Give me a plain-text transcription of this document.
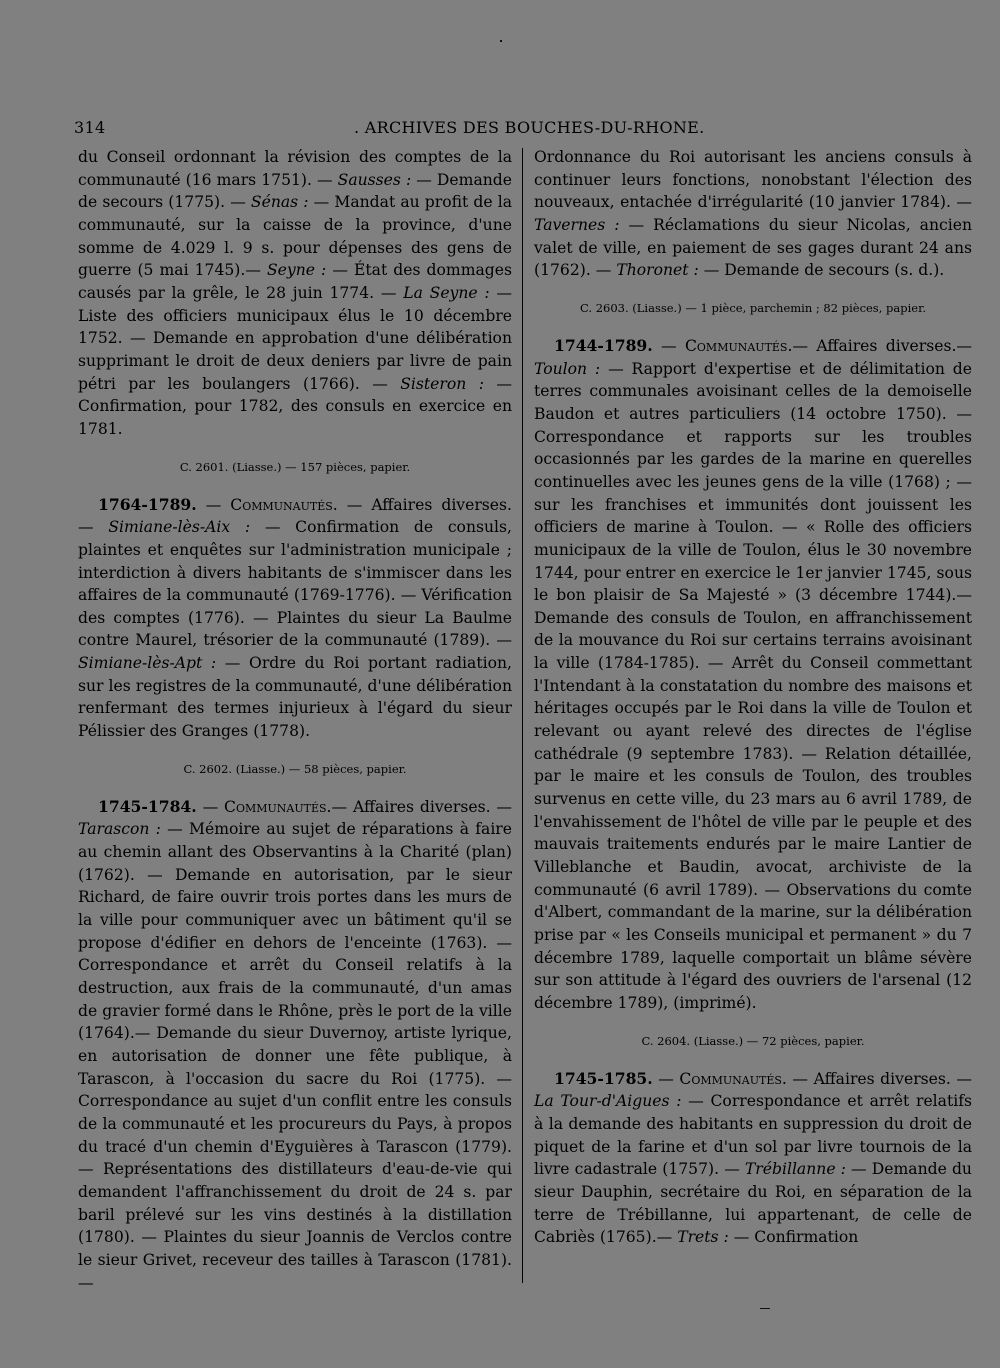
314	. ARCHIVES DES BOUCHES-DU-RHONE.

du Conseil ordonnant la révision des comptes de la communauté (16 mars 1751). — Sausses : — Demande de secours (1775). — Sénas : — Mandat au profit de la communauté, sur la caisse de la province, d'une somme de 4.029 l. 9 s. pour dépenses des gens de guerre (5 mai 1745).— Seyne : — État des dommages causés par la grêle, le 28 juin 1774. — La Seyne : — Liste des officiers municipaux élus le 10 décembre 1752. — Demande en approbation d'une délibération supprimant le droit de deux deniers par livre de pain pétri par les boulangers (1766). — Sisteron : — Confirmation, pour 1782, des consuls en exercice en 1781.

C. 2601. (Liasse.) — 157 pièces, papier.

1764-1789. — Communautés. — Affaires diverses. — Simiane-lès-Aix : — Confirmation de consuls, plaintes et enquêtes sur l'administration municipale ; interdiction à divers habitants de s'immiscer dans les affaires de la communauté (1769-1776). — Vérification des comptes (1776). — Plaintes du sieur La Baulme contre Maurel, trésorier de la communauté (1789). — Simiane-lès-Apt : — Ordre du Roi portant radiation, sur les registres de la communauté, d'une délibération renfermant des termes injurieux à l'égard du sieur Pélissier des Granges (1778).

C. 2602. (Liasse.) — 58 pièces, papier.

1745-1784. — Communautés.— Affaires diverses. — Tarascon : — Mémoire au sujet de réparations à faire au chemin allant des Observantins à la Charité (plan) (1762). — Demande en autorisation, par le sieur Richard, de faire ouvrir trois portes dans les murs de la ville pour communiquer avec un bâtiment qu'il se propose d'édifier en dehors de l'enceinte (1763). — Correspondance et arrêt du Conseil relatifs à la destruction, aux frais de la communauté, d'un amas de gravier formé dans le Rhône, près le port de la ville (1764).— Demande du sieur Duvernoy, artiste lyrique, en autorisation de donner une fête publique, à Tarascon, à l'occasion du sacre du Roi (1775). — Correspondance au sujet d'un conflit entre les consuls de la communauté et les procureurs du Pays, à propos du tracé d'un chemin d'Eyguières à Tarascon (1779). — Représentations des distillateurs d'eau-de-vie qui demandent l'affranchissement du droit de 24 s. par baril prélevé sur les vins destinés à la distillation (1780). — Plaintes du sieur Joannis de Verclos contre le sieur Grivet, receveur des tailles à Tarascon (1781). —

Ordonnance du Roi autorisant les anciens consuls à continuer leurs fonctions, nonobstant l'élection des nouveaux, entachée d'irrégularité (10 janvier 1784). — Tavernes : — Réclamations du sieur Nicolas, ancien valet de ville, en paiement de ses gages durant 24 ans (1762). — Thoronet : — Demande de secours (s. d.).

C. 2603. (Liasse.) — 1 pièce, parchemin ; 82 pièces, papier.

1744-1789. — Communautés.— Affaires diverses.— Toulon : — Rapport d'expertise et de délimitation de terres communales avoisinant celles de la demoiselle Baudon et autres particuliers (14 octobre 1750). — Correspondance et rapports sur les troubles occasionnés par les gardes de la marine en querelles continuelles avec les jeunes gens de la ville (1768) ; — sur les franchises et immunités dont jouissent les officiers de marine à Toulon. — « Rolle des officiers municipaux de la ville de Toulon, élus le 30 novembre 1744, pour entrer en exercice le 1er janvier 1745, sous le bon plaisir de Sa Majesté » (3 décembre 1744).— Demande des consuls de Toulon, en affranchissement de la mouvance du Roi sur certains terrains avoisinant la ville (1784-1785). — Arrêt du Conseil commettant l'Intendant à la constatation du nombre des maisons et héritages occupés par le Roi dans la ville de Toulon et relevant ou ayant relevé des directes de l'église cathédrale (9 septembre 1783). — Relation détaillée, par le maire et les consuls de Toulon, des troubles survenus en cette ville, du 23 mars au 6 avril 1789, de l'envahissement de l'hôtel de ville par le peuple et des mauvais traitements endurés par le maire Lantier de Villeblanche et Baudin, avocat, archiviste de la communauté (6 avril 1789). — Observations du comte d'Albert, commandant de la marine, sur la délibération prise par « les Conseils municipal et permanent » du 7 décembre 1789, laquelle comportait un blâme sévère sur son attitude à l'égard des ouvriers de l'arsenal (12 décembre 1789), (imprimé).

C. 2604. (Liasse.) — 72 pièces, papier.

1745-1785. — Communautés. — Affaires diverses. — La Tour-d'Aigues : — Correspondance et arrêt relatifs à la demande des habitants en suppression du droit de piquet de la farine et d'un sol par livre tournois de la livre cadastrale (1757). — Trébillanne : — Demande du sieur Dauphin, secrétaire du Roi, en séparation de la terre de Trébillanne, lui appartenant, de celle de Cabriès (1765).— Trets : — Confirmation
